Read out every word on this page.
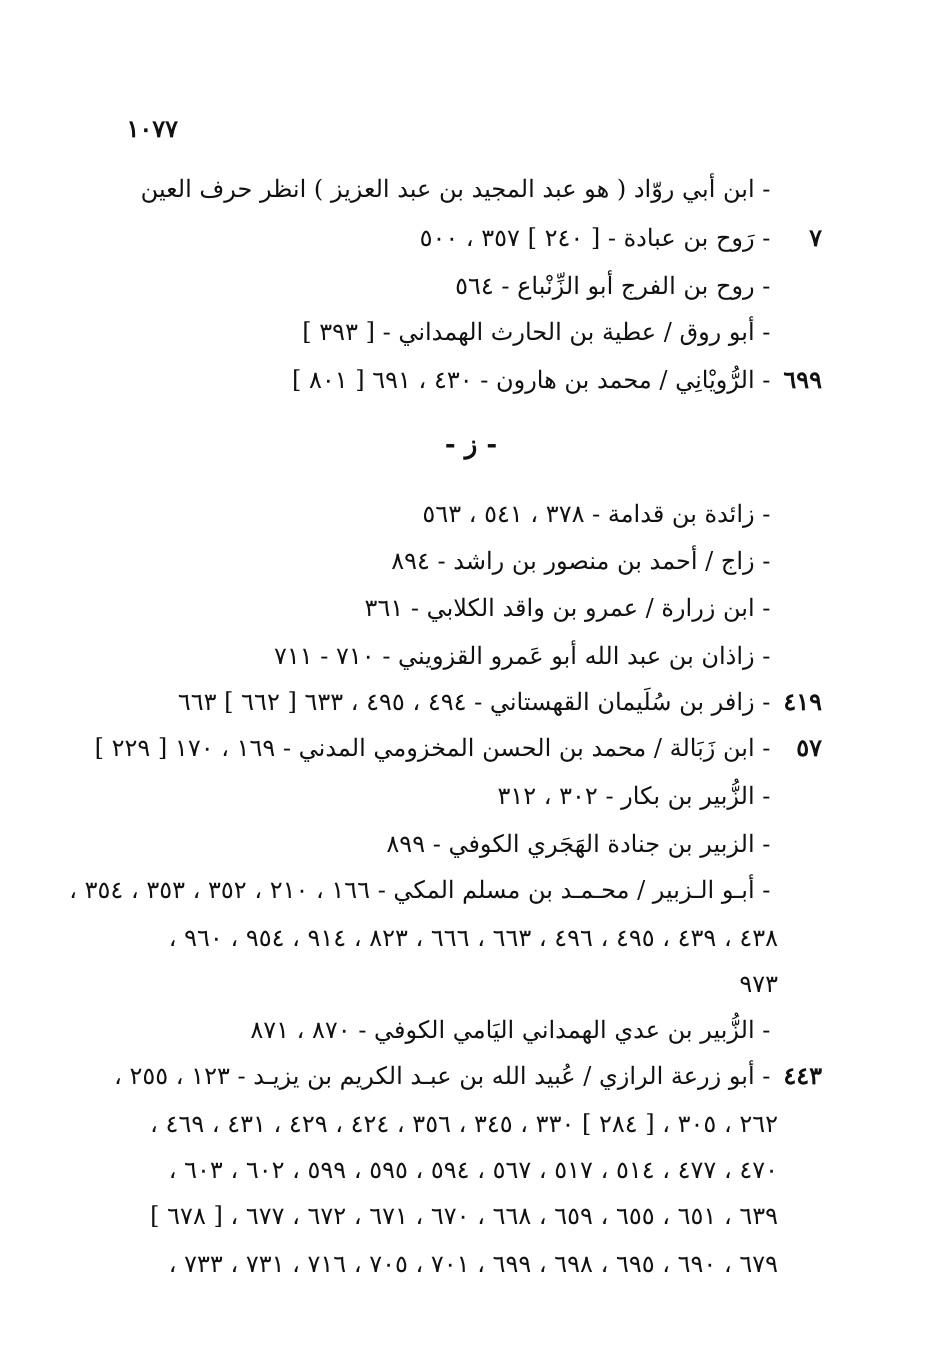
١٠٧٧
- ابن أبي روّاد ( هو عبد المجيد بن عبد العزيز ) انظر حرف العين
٧ - رَوح بن عبادة - [ ٢٤٠ ] ٣٥٧ ، ٥٠٠
- روح بن الفرج أبو الزِّنْباع - ٥٦٤
- أبو روق / عطية بن الحارث الهمداني - [ ٣٩٣ ]
٦٩٩ - الرُّويْانِي / محمد بن هارون - ٤٣٠ ، ٦٩١ [ ٨٠١ ]
- ز -
- زائدة بن قدامة - ٣٧٨ ، ٥٤١ ، ٥٦٣
- زاج / أحمد بن منصور بن راشد - ٨٩٤
- ابن زرارة / عمرو بن واقد الكلابي - ٣٦١
- زاذان بن عبد الله أبو عَمرو القزويني - ٧١٠ - ٧١١
٤١٩ - زافر بن سُلَيمان القهستاني - ٤٩٤ ، ٤٩٥ ، ٦٣٣ [ ٦٦٢ ] ٦٦٣
٥٧ - ابن زَبَالة / محمد بن الحسن المخزومي المدني - ١٦٩ ، ١٧٠ [ ٢٢٩ ]
- الزُّبير بن بكار - ٣٠٢ ، ٣١٢
- الزبير بن جنادة الهَجَري الكوفي - ٨٩٩
- أبـو الـزبير / محـمـد بن مسلم المكي - ١٦٦ ، ٢١٠ ، ٣٥٢ ، ٣٥٣ ، ٣٥٤ ،
٤٣٨ ، ٤٣٩ ، ٤٩٥ ، ٤٩٦ ، ٦٦٣ ، ٦٦٦ ، ٨٢٣ ، ٩١٤ ، ٩٥٤ ، ٩٦٠ ،
٩٧٣
- الزُّبير بن عدي الهمداني اليَامي الكوفي - ٨٧٠ ، ٨٧١
٤٤٣ - أبو زرعة الرازي / عُبيد الله بن عبـد الكريم بن يزيـد - ١٢٣ ، ٢٥٥ ،
٢٦٢ ، ٣٠٥ ، [ ٢٨٤ ] ٣٣٠ ، ٣٤٥ ، ٣٥٦ ، ٤٢٤ ، ٤٢٩ ، ٤٣١ ، ٤٦٩ ،
٤٧٠ ، ٤٧٧ ، ٥١٤ ، ٥١٧ ، ٥٦٧ ، ٥٩٤ ، ٥٩٥ ، ٥٩٩ ، ٦٠٢ ، ٦٠٣ ،
٦٣٩ ، ٦٥١ ، ٦٥٥ ، ٦٥٩ ، ٦٦٨ ، ٦٧٠ ، ٦٧١ ، ٦٧٢ ، ٦٧٧ ، [ ٦٧٨ ]
٦٧٩ ، ٦٩٠ ، ٦٩٥ ، ٦٩٨ ، ٦٩٩ ، ٧٠١ ، ٧٠٥ ، ٧١٦ ، ٧٣١ ، ٧٣٣ ،
